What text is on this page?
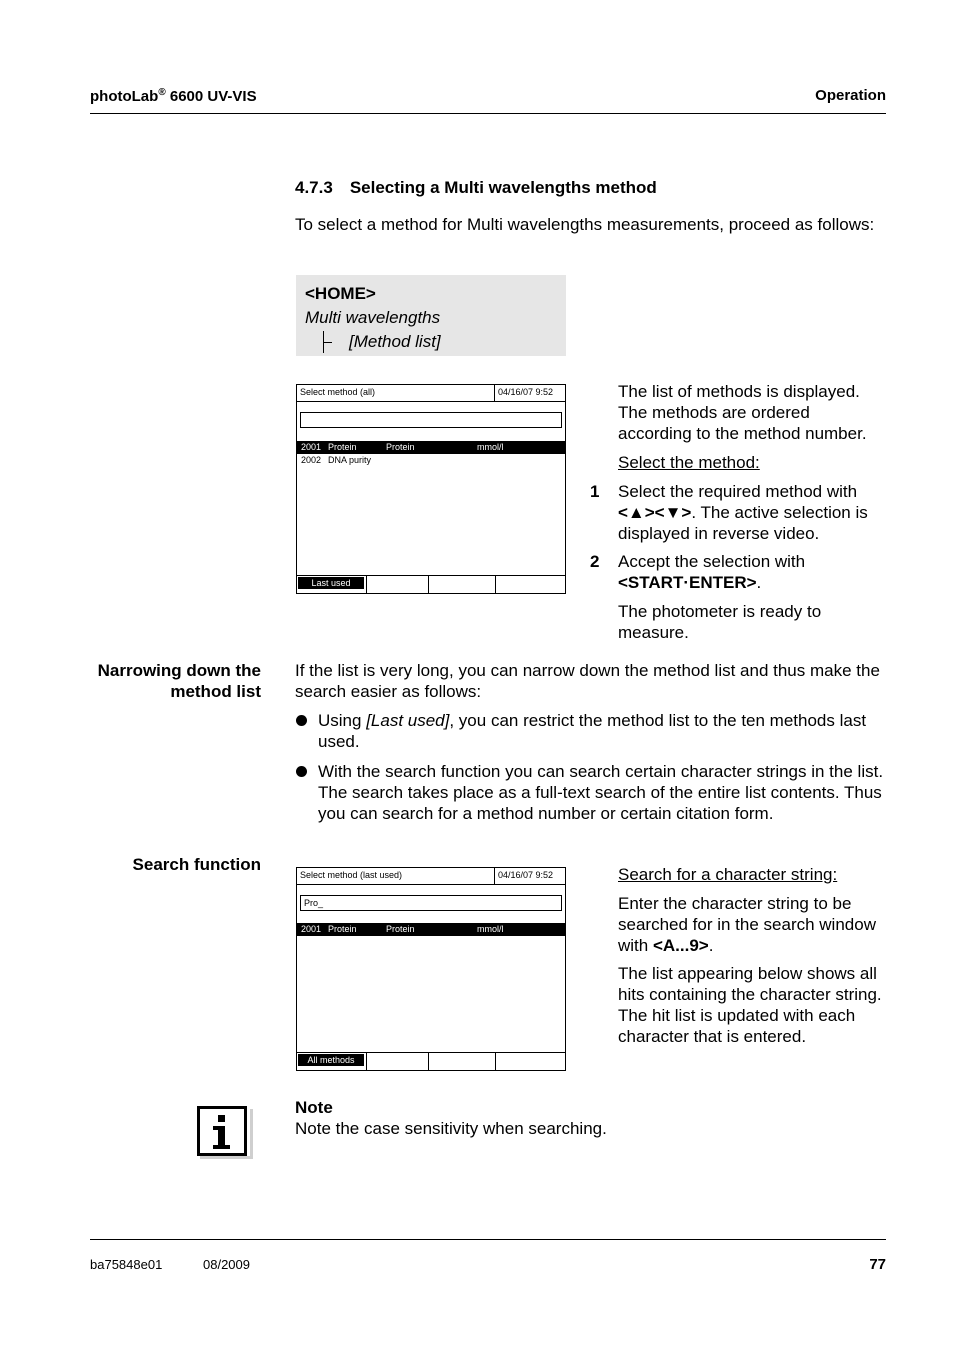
photoLab® 6600 UV-VIS	Operation
4.7.3 Selecting a Multi wavelengths method
To select a method for Multi wavelengths measurements, proceed as follows:
<HOME>
Multi wavelengths
[Method list]
Select method (all)	04/16/07 9:52
2001 Protein	Protein	mmol/l
2002 DNA purity
Last used
The list of methods is displayed. The methods are ordered according to the method number.
Select the method:
1 Select the required method with
<▲><▼>. The active selection is displayed in reverse video.
2 Accept the selection with
<START·ENTER>.
The photometer is ready to measure.
Narrowing down the
method list
If the list is very long, you can narrow down the method list and thus make the search easier as follows:
Using [Last used], you can restrict the method list to the ten methods last used.
With the search function you can search certain character strings in the list. The search takes place as a full-text search of the entire list contents. Thus you can search for a method number or certain citation form.
Search function
Select method (last used)	04/16/07 9:52
Pro_
2001 Protein	Protein	mmol/l
All methods
Search for a character string:
Enter the character string to be searched for in the search window with <A...9>.
The list appearing below shows all hits containing the character string. The hit list is updated with each character that is entered.
Note
Note the case sensitivity when searching.
ba75848e01	08/2009	77
